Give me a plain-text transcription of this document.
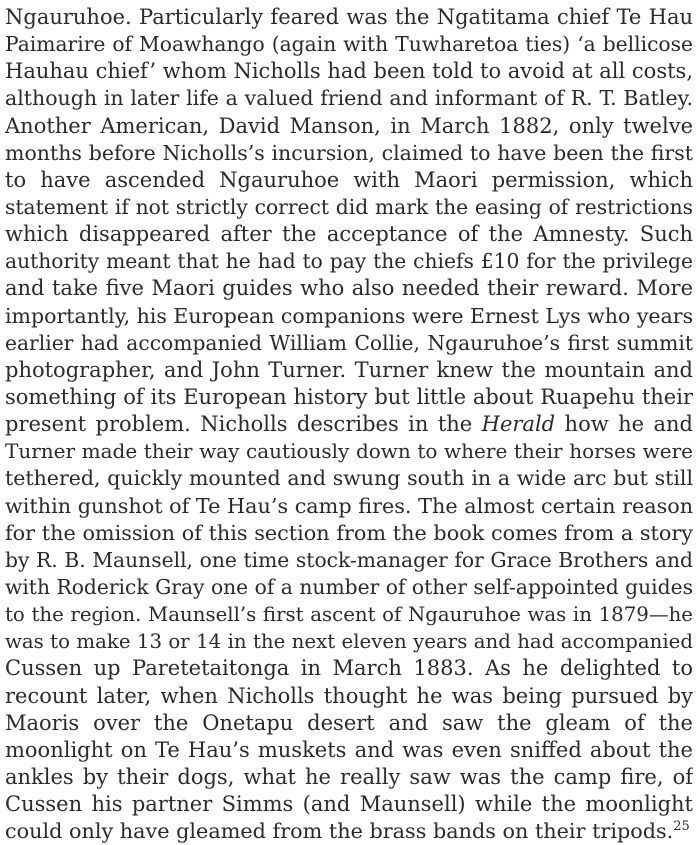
Ngauruhoe. Particularly feared was the Ngatitama chief Te Hau
Paimarire of Moawhango (again with Tuwharetoa ties) ‘a bellicose
Hauhau chief’ whom Nicholls had been told to avoid at all costs,
although in later life a valued friend and informant of R. T. Batley.
Another American, David Manson, in March 1882, only twelve
months before Nicholls’s incursion, claimed to have been the first
to have ascended Ngauruhoe with Maori permission, which
statement if not strictly correct did mark the easing of restrictions
which disappeared after the acceptance of the Amnesty. Such
authority meant that he had to pay the chiefs £10 for the privilege
and take five Maori guides who also needed their reward. More
importantly, his European companions were Ernest Lys who years
earlier had accompanied William Collie, Ngauruhoe’s first summit
photographer, and John Turner. Turner knew the mountain and
something of its European history but little about Ruapehu their
present problem. Nicholls describes in the Herald how he and
Turner made their way cautiously down to where their horses were
tethered, quickly mounted and swung south in a wide arc but still
within gunshot of Te Hau’s camp fires. The almost certain reason
for the omission of this section from the book comes from a story
by R. B. Maunsell, one time stock-manager for Grace Brothers and
with Roderick Gray one of a number of other self-appointed guides
to the region. Maunsell’s first ascent of Ngauruhoe was in 1879—he
was to make 13 or 14 in the next eleven years and had accompanied
Cussen up Paretetaitonga in March 1883. As he delighted to
recount later, when Nicholls thought he was being pursued by
Maoris over the Onetapu desert and saw the gleam of the
moonlight on Te Hau’s muskets and was even sniffed about the
ankles by their dogs, what he really saw was the camp fire, of
Cussen his partner Simms (and Maunsell) while the moonlight
could only have gleamed from the brass bands on their tripods.$^{25}$
